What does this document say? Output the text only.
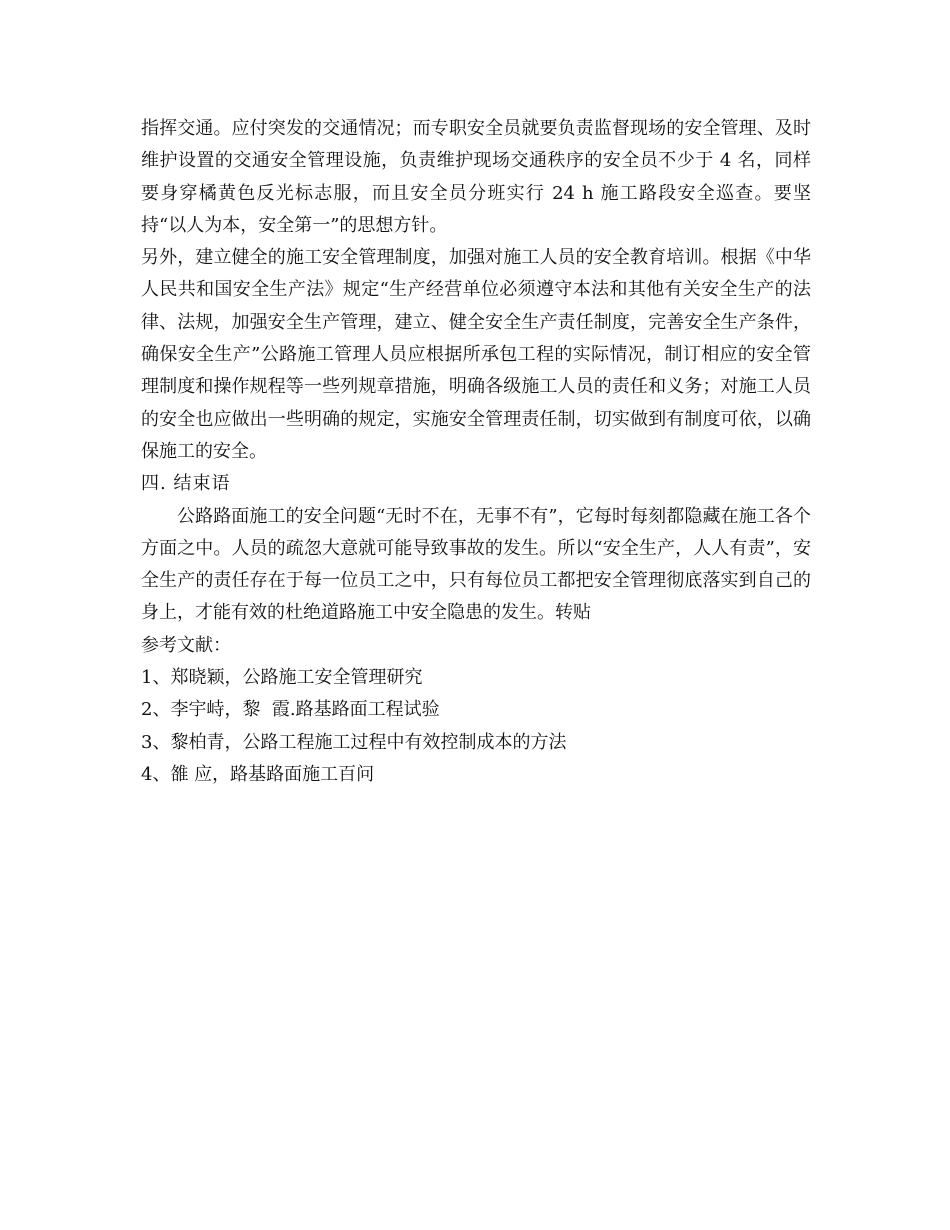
指挥交通。应付突发的交通情况；而专职安全员就要负责监督现场的安全管理、及时维护设置的交通安全管理设施，负责维护现场交通秩序的安全员不少于 4 名，同样要身穿橘黄色反光标志服，而且安全员分班实行 24 h 施工路段安全巡查。要坚持“以人为本，安全第一”的思想方针。

另外，建立健全的施工安全管理制度，加强对施工人员的安全教育培训。根据《中华人民共和国安全生产法》规定“生产经营单位必须遵守本法和其他有关安全生产的法律、法规，加强安全生产管理，建立、健全安全生产责任制度，完善安全生产条件，确保安全生产”公路施工管理人员应根据所承包工程的实际情况，制订相应的安全管理制度和操作规程等一些列规章措施，明确各级施工人员的责任和义务；对施工人员的安全也应做出一些明确的规定，实施安全管理责任制，切实做到有制度可依，以确保施工的安全。

四. 结束语

公路路面施工的安全问题“无时不在，无事不有”，它每时每刻都隐藏在施工各个方面之中。人员的疏忽大意就可能导致事故的发生。所以“安全生产，人人有责”，安全生产的责任存在于每一位员工之中，只有每位员工都把安全管理彻底落实到自己的身上，才能有效的杜绝道路施工中安全隐患的发生。转贴

参考文献：

1、郑晓颖，公路施工安全管理研究
2、李宇峙，黎  霞.路基路面工程试验
3、黎柏青，公路工程施工过程中有效控制成本的方法
4、雒 应，路基路面施工百问
